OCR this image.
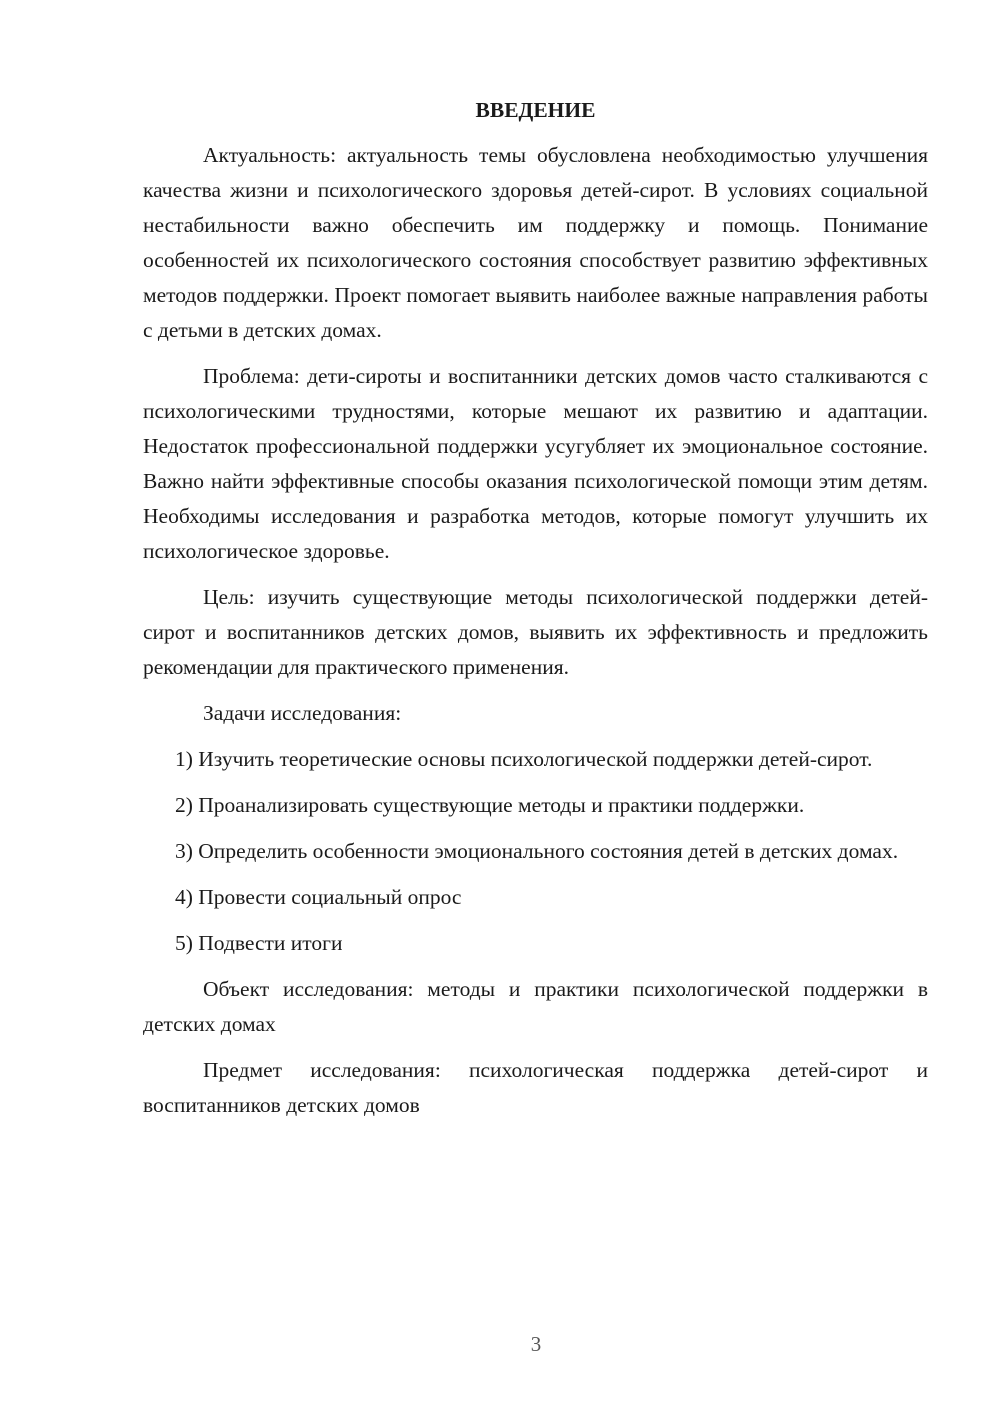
ВВЕДЕНИЕ

Актуальность: актуальность темы обусловлена необходимостью улучшения качества жизни и психологического здоровья детей-сирот. В условиях социальной нестабильности важно обеспечить им поддержку и помощь. Понимание особенностей их психологического состояния способствует развитию эффективных методов поддержки. Проект помогает выявить наиболее важные направления работы с детьми в детских домах.

Проблема: дети-сироты и воспитанники детских домов часто сталкиваются с психологическими трудностями, которые мешают их развитию и адаптации. Недостаток профессиональной поддержки усугубляет их эмоциональное состояние. Важно найти эффективные способы оказания психологической помощи этим детям. Необходимы исследования и разработка методов, которые помогут улучшить их психологическое здоровье.

Цель: изучить существующие методы психологической поддержки детей-сирот и воспитанников детских домов, выявить их эффективность и предложить рекомендации для практического применения.

Задачи исследования:

1) Изучить теоретические основы психологической поддержки детей-сирот.

2) Проанализировать существующие методы и практики поддержки.

3) Определить особенности эмоционального состояния детей в детских домах.

4) Провести социальный опрос

5) Подвести итоги

Объект исследования: методы и практики психологической поддержки в детских домах

Предмет исследования: психологическая поддержка детей-сирот и воспитанников детских домов

3
